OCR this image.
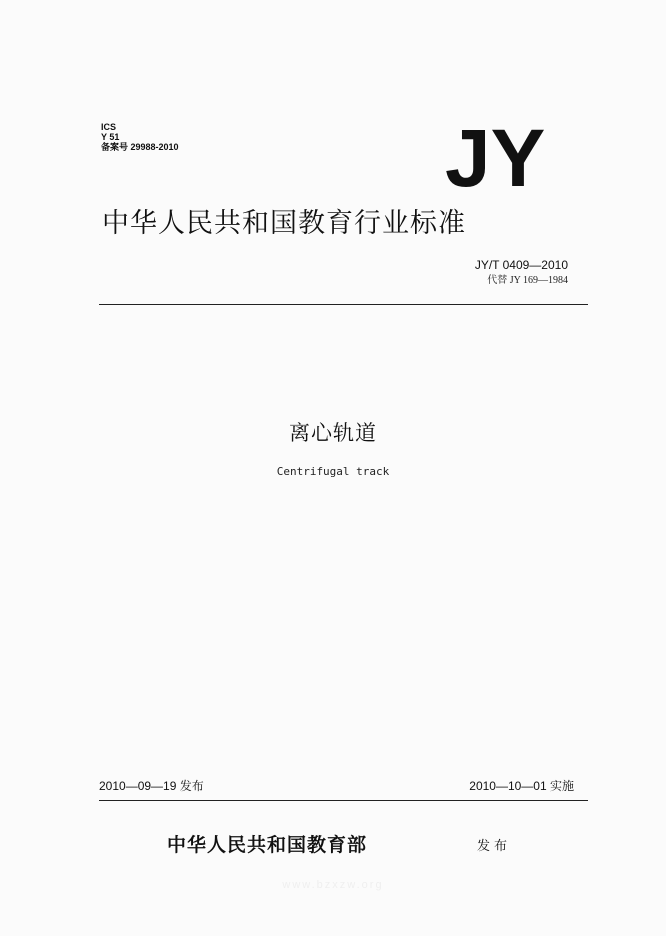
ICS
Y 51
备案号 29988-2010	JY
中华人民共和国教育行业标准
JY/T 0409—2010
代替 JY 169—1984
离心轨道
Centrifugal track
2010—09—19 发布	2010—10—01 实施
中华人民共和国教育部	发布
www.bzxzw.org
